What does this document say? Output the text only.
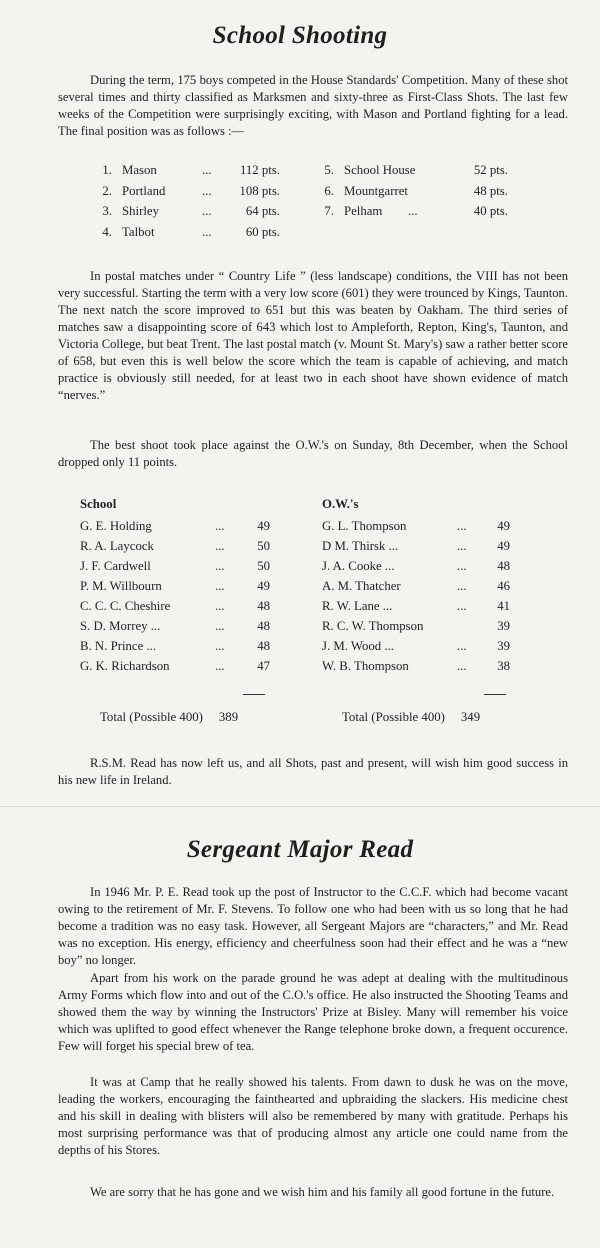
School Shooting

During the term, 175 boys competed in the House Standards' Competition. Many of these shot several times and thirty classified as Marksmen and sixty-three as First-Class Shots. The last few weeks of the Competition were surprisingly exciting, with Mason and Portland fighting for a lead. The final position was as follows :—

1. Mason	...	112 pts.
2. Portland	...	108 pts.
3. Shirley	...	64 pts.
4. Talbot	...	60 pts.
5. School House	52 pts.
6. Mountgarret	48 pts.
7. Pelham ...	40 pts.

In postal matches under “ Country Life ” (less landscape) conditions, the VIII has not been very successful. Starting the term with a very low score (601) they were trounced by Kings, Taunton. The next natch the score improved to 651 but this was beaten by Oakham. The third series of matches saw a disappointing score of 643 which lost to Ampleforth, Repton, King's, Taunton, and Victoria College, but beat Trent. The last postal match (v. Mount St. Mary's) saw a rather better score of 658, but even this is well below the score which the team is capable of achieving, and match practice is obviously still needed, for at least two in each shoot have shown evidence of match “nerves.”

The best shoot took place against the O.W.'s on Sunday, 8th December, when the School dropped only 11 points.

School
G. E. Holding	...	49
R. A. Laycock	...	50
J. F. Cardwell	...	50
P. M. Willbourn	...	49
C. C. C. Cheshire	...	48
S. D. Morrey ...	...	48
B. N. Prince ...	...	48
G. K. Richardson	...	47
Total (Possible 400) 389
O.W.'s
G. L. Thompson	...	49
D M. Thirsk ...	...	49
J. A. Cooke ...	...	48
A. M. Thatcher	...	46
R. W. Lane ...	...	41
R. C. W. Thompson	39
J. M. Wood ...	...	39
W. B. Thompson	...	38
Total (Possible 400) 349

R.S.M. Read has now left us, and all Shots, past and present, will wish him good success in his new life in Ireland.

Sergeant Major Read

In 1946 Mr. P. E. Read took up the post of Instructor to the C.C.F. which had become vacant owing to the retirement of Mr. F. Stevens. To follow one who had been with us so long that he had become a tradition was no easy task. However, all Sergeant Majors are “characters,” and Mr. Read was no exception. His energy, efficiency and cheerfulness soon had their effect and he was a “new boy” no longer.

Apart from his work on the parade ground he was adept at dealing with the multitudinous Army Forms which flow into and out of the C.O.'s office. He also instructed the Shooting Teams and showed them the way by winning the Instructors' Prize at Bisley. Many will remember his voice which was uplifted to good effect whenever the Range telephone broke down, a frequent occurence. Few will forget his special brew of tea.

It was at Camp that he really showed his talents. From dawn to dusk he was on the move, leading the workers, encouraging the fainthearted and upbraiding the slackers. His medicine chest and his skill in dealing with blisters will also be remembered by many with gratitude. Perhaps his most surprising performance was that of producing almost any article one could name from the depths of his Stores.

We are sorry that he has gone and we wish him and his family all good fortune in the future.
